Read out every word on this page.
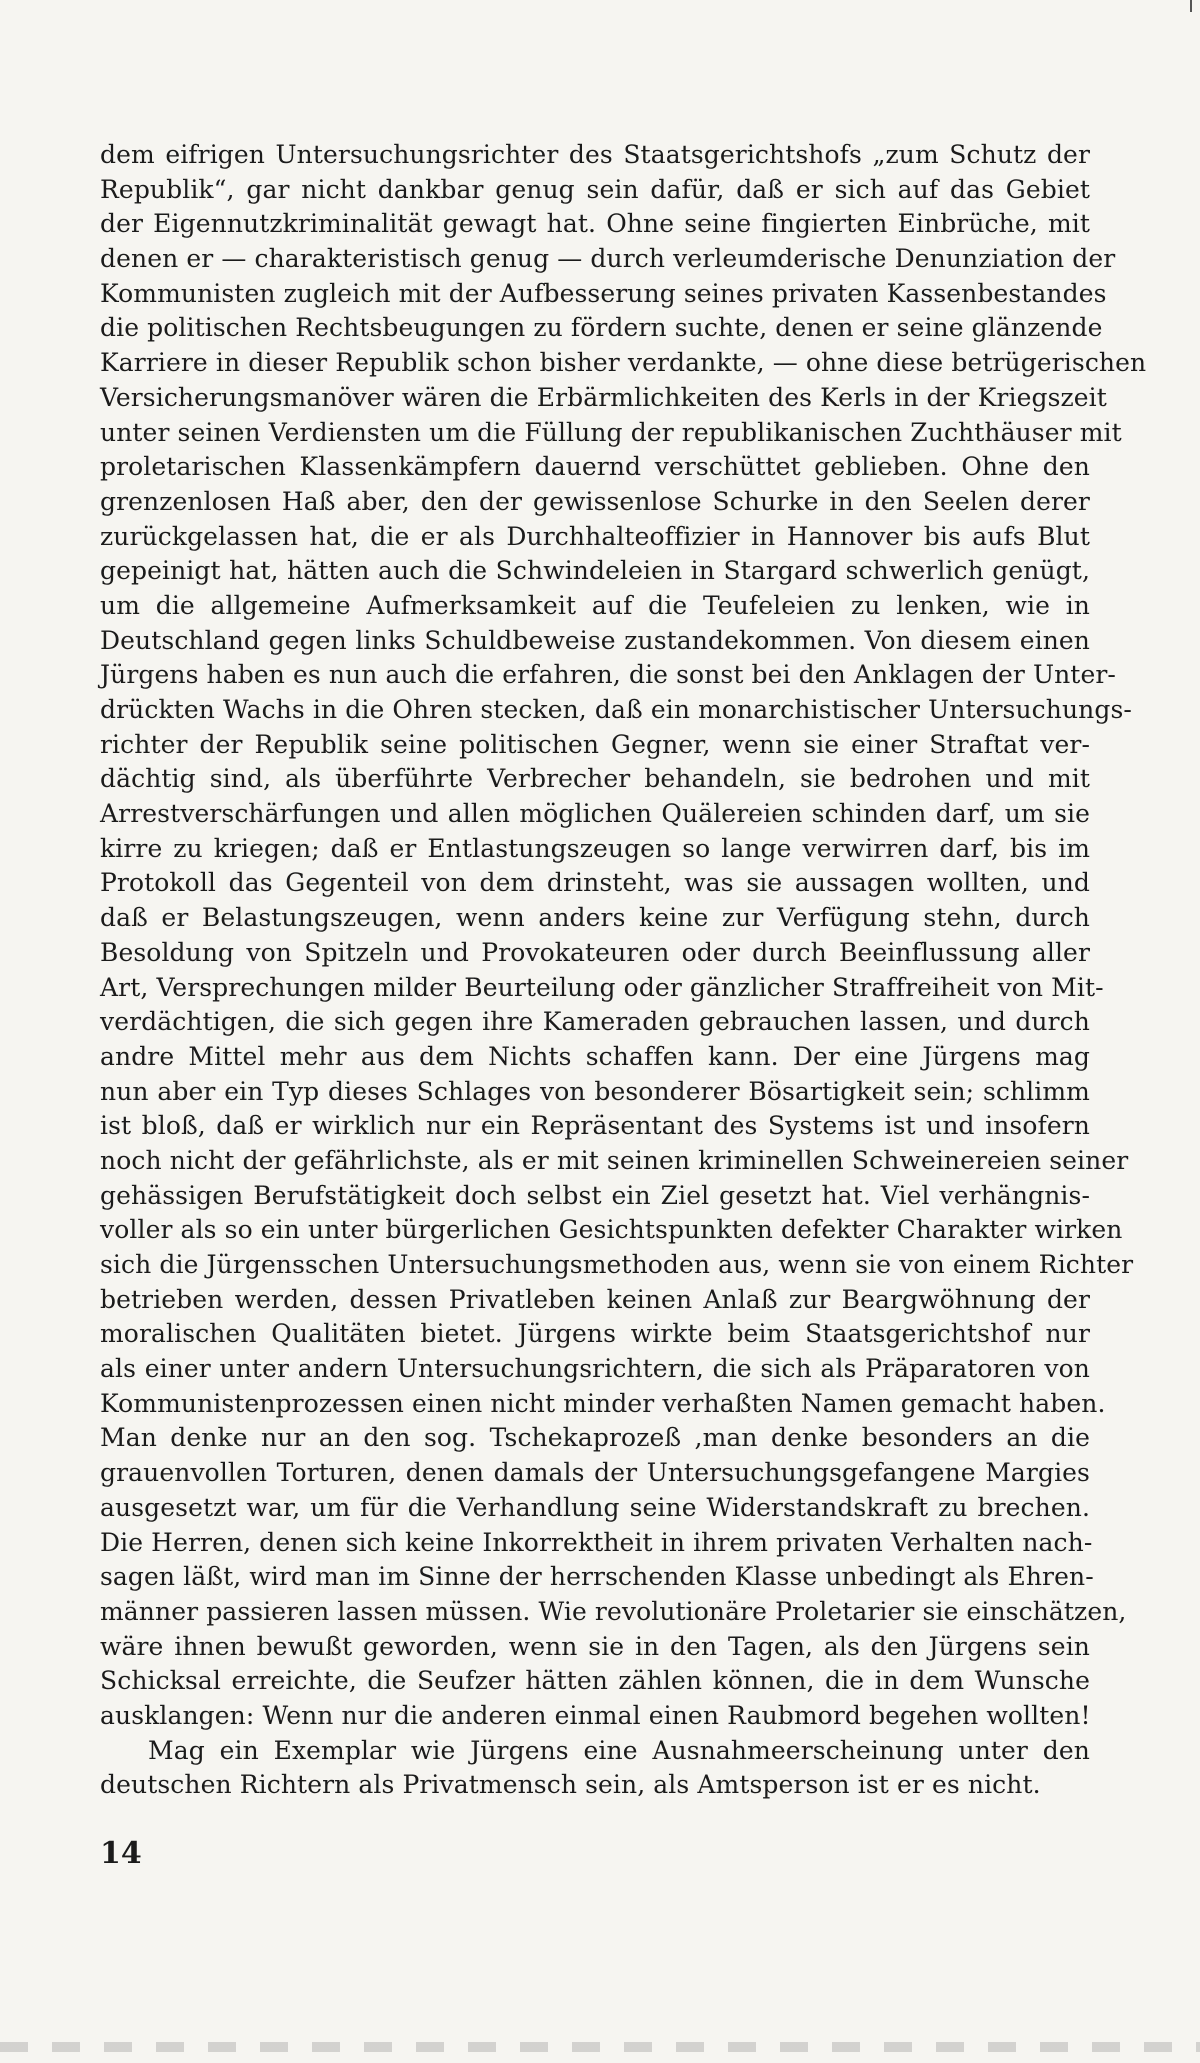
dem eifrigen Untersuchungsrichter des Staatsgerichtshofs „zum Schutz der
Republik“, gar nicht dankbar genug sein dafür, daß er sich auf das Gebiet
der Eigennutzkriminalität gewagt hat. Ohne seine fingierten Einbrüche, mit
denen er — charakteristisch genug — durch verleumderische Denunziation der
Kommunisten zugleich mit der Aufbesserung seines privaten Kassenbestandes
die politischen Rechtsbeugungen zu fördern suchte, denen er seine glänzende
Karriere in dieser Republik schon bisher verdankte, — ohne diese betrügerischen
Versicherungsmanöver wären die Erbärmlichkeiten des Kerls in der Kriegszeit
unter seinen Verdiensten um die Füllung der republikanischen Zuchthäuser mit
proletarischen Klassenkämpfern dauernd verschüttet geblieben. Ohne den
grenzenlosen Haß aber, den der gewissenlose Schurke in den Seelen derer
zurückgelassen hat, die er als Durchhalteoffizier in Hannover bis aufs Blut
gepeinigt hat, hätten auch die Schwindeleien in Stargard schwerlich genügt,
um die allgemeine Aufmerksamkeit auf die Teufeleien zu lenken, wie in
Deutschland gegen links Schuldbeweise zustandekommen. Von diesem einen
Jürgens haben es nun auch die erfahren, die sonst bei den Anklagen der Unter-
drückten Wachs in die Ohren stecken, daß ein monarchistischer Untersuchungs-
richter der Republik seine politischen Gegner, wenn sie einer Straftat ver-
dächtig sind, als überführte Verbrecher behandeln, sie bedrohen und mit
Arrestverschärfungen und allen möglichen Quälereien schinden darf, um sie
kirre zu kriegen; daß er Entlastungszeugen so lange verwirren darf, bis im
Protokoll das Gegenteil von dem drinsteht, was sie aussagen wollten, und
daß er Belastungszeugen, wenn anders keine zur Verfügung stehn, durch
Besoldung von Spitzeln und Provokateuren oder durch Beeinflussung aller
Art, Versprechungen milder Beurteilung oder gänzlicher Straffreiheit von Mit-
verdächtigen, die sich gegen ihre Kameraden gebrauchen lassen, und durch
andre Mittel mehr aus dem Nichts schaffen kann. Der eine Jürgens mag
nun aber ein Typ dieses Schlages von besonderer Bösartigkeit sein; schlimm
ist bloß, daß er wirklich nur ein Repräsentant des Systems ist und insofern
noch nicht der gefährlichste, als er mit seinen kriminellen Schweinereien seiner
gehässigen Berufstätigkeit doch selbst ein Ziel gesetzt hat. Viel verhängnis-
voller als so ein unter bürgerlichen Gesichtspunkten defekter Charakter wirken
sich die Jürgensschen Untersuchungsmethoden aus, wenn sie von einem Richter
betrieben werden, dessen Privatleben keinen Anlaß zur Beargwöhnung der
moralischen Qualitäten bietet. Jürgens wirkte beim Staatsgerichtshof nur
als einer unter andern Untersuchungsrichtern, die sich als Präparatoren von
Kommunistenprozessen einen nicht minder verhaßten Namen gemacht haben.
Man denke nur an den sog. Tschekaprozeß ,man denke besonders an die
grauenvollen Torturen, denen damals der Untersuchungsgefangene Margies
ausgesetzt war, um für die Verhandlung seine Widerstandskraft zu brechen.
Die Herren, denen sich keine Inkorrektheit in ihrem privaten Verhalten nach-
sagen läßt, wird man im Sinne der herrschenden Klasse unbedingt als Ehren-
männer passieren lassen müssen. Wie revolutionäre Proletarier sie einschätzen,
wäre ihnen bewußt geworden, wenn sie in den Tagen, als den Jürgens sein
Schicksal erreichte, die Seufzer hätten zählen können, die in dem Wunsche
ausklangen: Wenn nur die anderen einmal einen Raubmord begehen wollten!
Mag ein Exemplar wie Jürgens eine Ausnahmeerscheinung unter den
deutschen Richtern als Privatmensch sein, als Amtsperson ist er es nicht.
14
